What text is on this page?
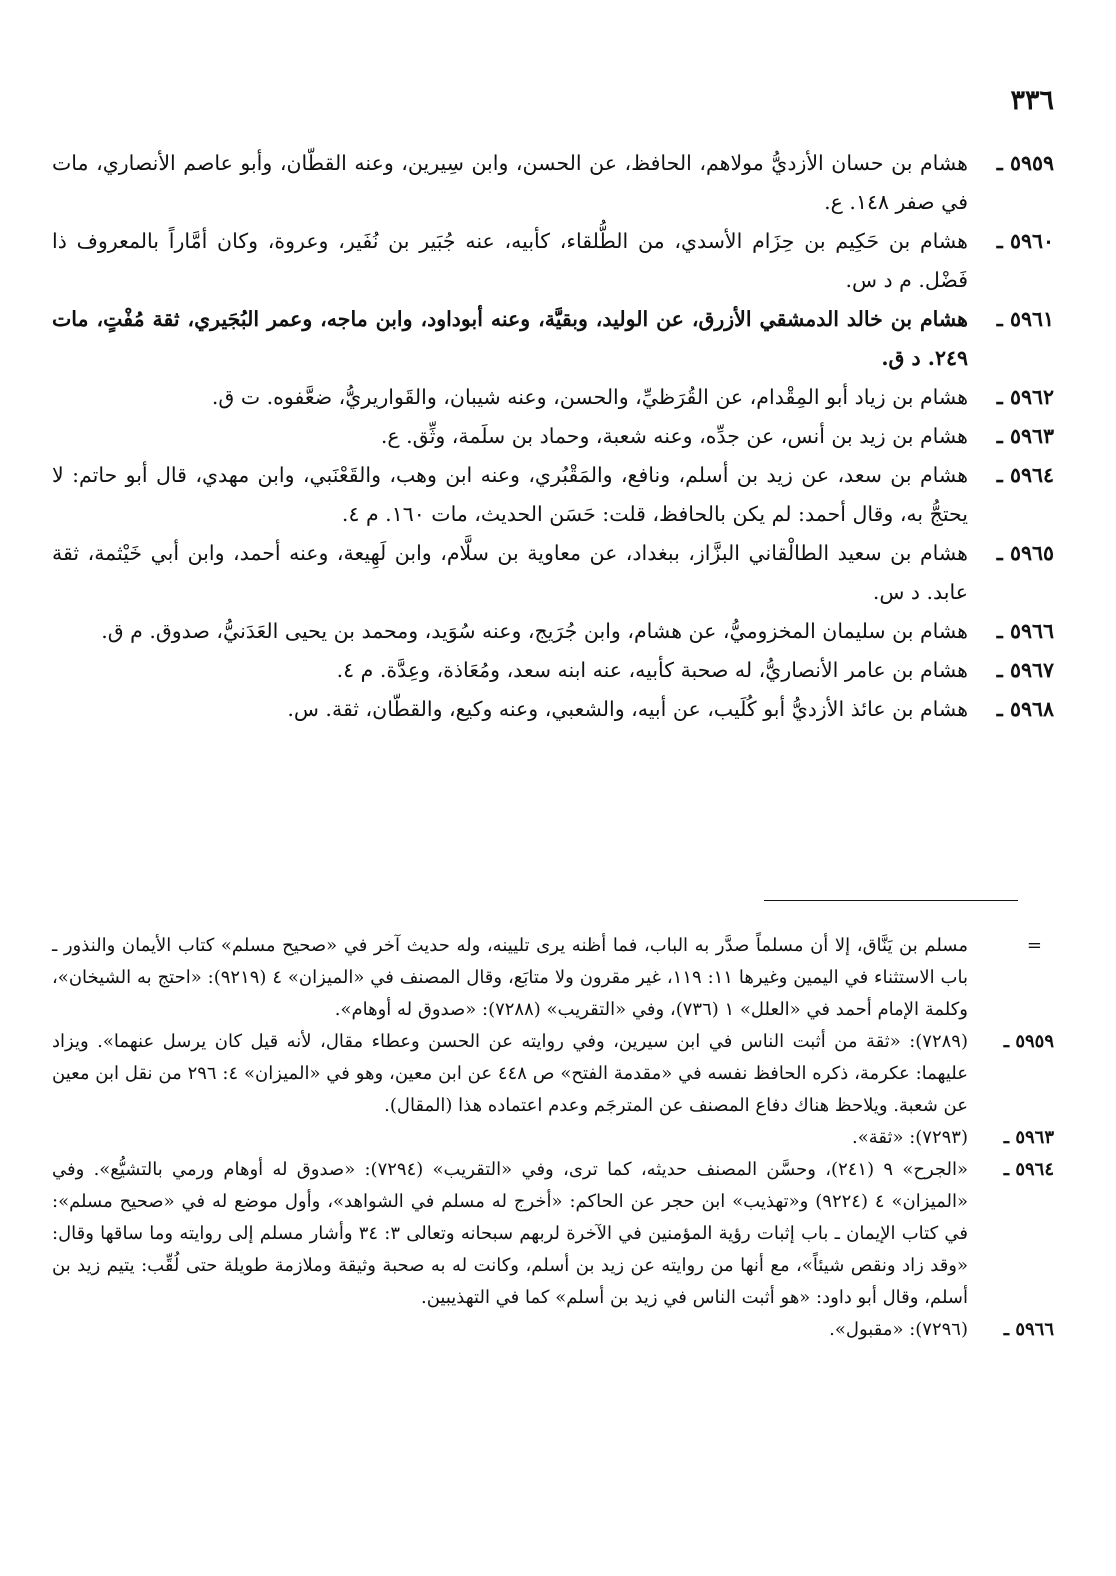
٣٣٦
٥٩٥٩ ـ
هشام بن حسان الأزديُّ مولاهم، الحافظ، عن الحسن، وابن سِيرين، وعنه القطّان، وأبو عاصم الأنصاري، مات في صفر ١٤٨. ع.
٥٩٦٠ ـ
هشام بن حَكِيم بن حِزَام الأسدي، من الطُّلقاء، كأبيه، عنه جُبَير بن نُفَير، وعروة، وكان أمَّاراً بالمعروف ذا فَضْل. م د س.
٥٩٦١ ـ
هشام بن خالد الدمشقي الأزرق، عن الوليد، وبقيَّة، وعنه أبوداود، وابن ماجه، وعمر البُجَيري، ثقة مُفْتٍ، مات ٢٤٩. د ق.
٥٩٦٢ ـ
هشام بن زياد أبو المِقْدام، عن القُرَظيِّ، والحسن، وعنه شيبان، والقَواريريُّ، ضعَّفوه. ت ق.
٥٩٦٣ ـ
هشام بن زيد بن أنس، عن جدِّه، وعنه شعبة، وحماد بن سلَمة، وثِّق. ع.
٥٩٦٤ ـ
هشام بن سعد، عن زيد بن أسلم، ونافع، والمَقْبُري، وعنه ابن وهب، والقَعْنَبي، وابن مهدي، قال أبو حاتم: لا يحتجُّ به، وقال أحمد: لم يكن بالحافظ، قلت: حَسَن الحديث، مات ١٦٠. م ٤.
٥٩٦٥ ـ
هشام بن سعيد الطالْقاني البزَّاز، ببغداد، عن معاوية بن سلَّام، وابن لَهِيعة، وعنه أحمد، وابن أبي خَيْثمة، ثقة عابد. د س.
٥٩٦٦ ـ
هشام بن سليمان المخزوميُّ، عن هشام، وابن جُرَيج، وعنه سُوَيد، ومحمد بن يحيى العَدَنيُّ، صدوق. م ق.
٥٩٦٧ ـ
هشام بن عامر الأنصاريُّ، له صحبة كأبيه، عنه ابنه سعد، ومُعَاذة، وعِدَّة. م ٤.
٥٩٦٨ ـ
هشام بن عائذ الأزديُّ أبو كُلَيب، عن أبيه، والشعبي، وعنه وكيع، والقطّان، ثقة. س.
=
مسلم بن يَنَّاق، إلا أن مسلماً صدَّر به الباب، فما أظنه يرى تليينه، وله حديث آخر في «صحيح مسلم» كتاب الأيمان والنذور ـ باب الاستثناء في اليمين وغيرها ١١: ١١٩، غير مقرون ولا متابَع، وقال المصنف في «الميزان» ٤ (٩٢١٩): «احتج به الشيخان»، وكلمة الإمام أحمد في «العلل» ١ (٧٣٦)، وفي «التقريب» (٧٢٨٨): «صدوق له أوهام».
٥٩٥٩ ـ
(٧٢٨٩): «ثقة من أثبت الناس في ابن سيرين، وفي روايته عن الحسن وعطاء مقال، لأنه قيل كان يرسل عنهما». ويزاد عليهما: عكرمة، ذكره الحافظ نفسه في «مقدمة الفتح» ص ٤٤٨ عن ابن معين، وهو في «الميزان» ٤: ٢٩٦ من نقل ابن معين عن شعبة. ويلاحظ هناك دفاع المصنف عن المترجَم وعدم اعتماده هذا (المقال).
٥٩٦٣ ـ
(٧٢٩٣): «ثقة».
٥٩٦٤ ـ
«الجرح» ٩ (٢٤١)، وحسَّن المصنف حديثه، كما ترى، وفي «التقريب» (٧٢٩٤): «صدوق له أوهام ورمي بالتشيُّع». وفي «الميزان» ٤ (٩٢٢٤) و«تهذيب» ابن حجر عن الحاكم: «أخرج له مسلم في الشواهد»، وأول موضع له في «صحيح مسلم»: في كتاب الإيمان ـ باب إثبات رؤية المؤمنين في الآخرة لربهم سبحانه وتعالى ٣: ٣٤ وأشار مسلم إلى روايته وما ساقها وقال: «وقد زاد ونقص شيئاً»، مع أنها من روايته عن زيد بن أسلم، وكانت له به صحبة وثيقة وملازمة طويلة حتى لُقِّب: يتيم زيد بن أسلم، وقال أبو داود: «هو أثبت الناس في زيد بن أسلم» كما في التهذيبين.
٥٩٦٦ ـ
(٧٢٩٦): «مقبول».
